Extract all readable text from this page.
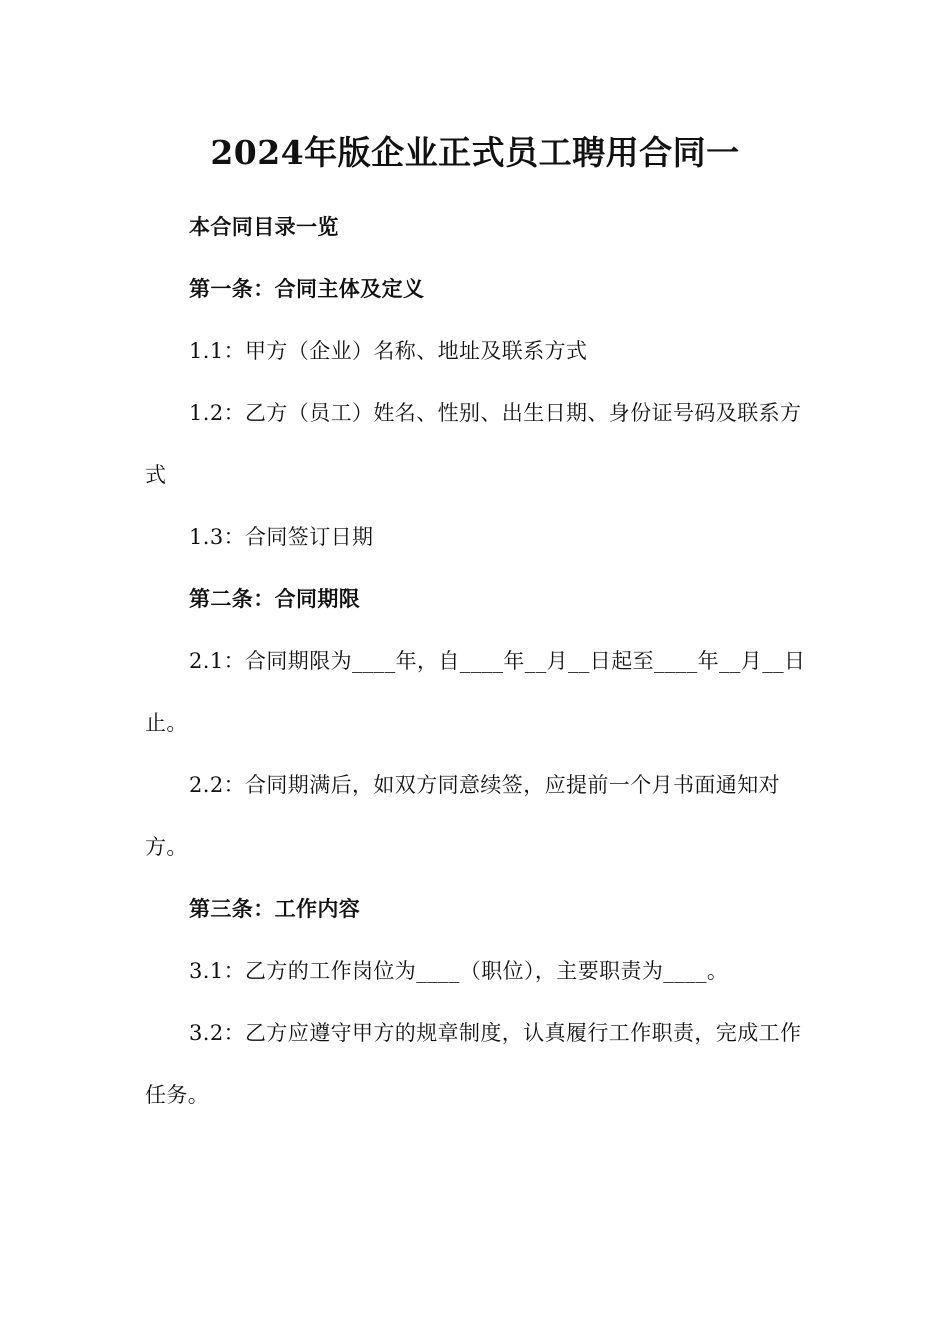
2024年版企业正式员工聘用合同一

本合同目录一览

第一条：合同主体及定义

1.1：甲方（企业）名称、地址及联系方式

1.2：乙方（员工）姓名、性别、出生日期、身份证号码及联系方式

1.3：合同签订日期

第二条：合同期限

2.1：合同期限为____年，自____年__月__日起至____年__月__日止。

2.2：合同期满后，如双方同意续签，应提前一个月书面通知对方。

第三条：工作内容

3.1：乙方的工作岗位为____（职位），主要职责为____。

3.2：乙方应遵守甲方的规章制度，认真履行工作职责，完成工作任务。
